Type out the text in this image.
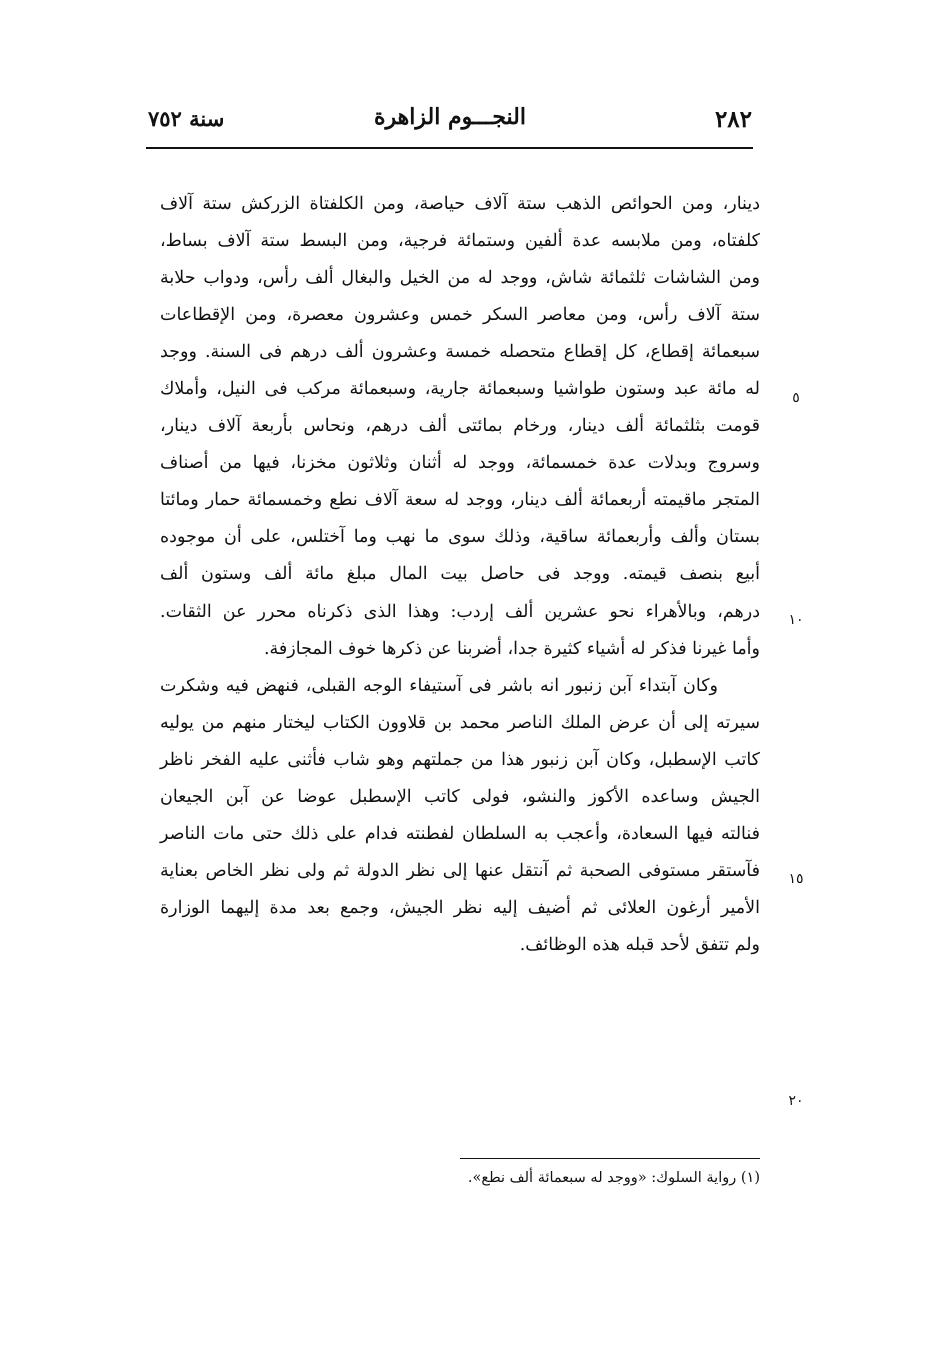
٢٨٢
النجـــوم الزاهرة
سنة ٧٥٢
دينار، ومن الحوائص الذهب ستة آلاف حياصة، ومن الكلفتاة الزركش ستة آلاف
كلفتاه، ومن ملابسه عدة ألفين وستمائة فرجية، ومن البسط ستة آلاف بساط،
ومن الشاشات ثلثمائة شاش، ووجد له من الخيل والبغال ألف رأس، ودواب حلابة
ستة آلاف رأس، ومن معاصر السكر خمس وعشرون معصرة، ومن الإقطاعات
سبعمائة إقطاع، كل إقطاع متحصله خمسة وعشرون ألف درهم فى السنة. ووجد
له مائة عبد وستون طواشيا وسبعمائة جارية، وسبعمائة مركب فى النيل، وأملاك
قومت بثلثمائة ألف دينار، ورخام بمائتى ألف درهم، ونحاس بأربعة آلاف دينار،
وسروج وبدلات عدة خمسمائة، ووجد له أثنان وثلاثون مخزنا، فيها من أصناف
المتجر ماقيمته أربعمائة ألف دينار، ووجد له سعة آلاف نطع وخمسمائة حمار ومائتا
بستان وألف وأربعمائة ساقية، وذلك سوى ما نهب وما آختلس، على أن موجوده
أبيع بنصف قيمته. ووجد فى حاصل بيت المال مبلغ مائة ألف وستون ألف
درهم، وبالأهراء نحو عشرين ألف إردب: وهذا الذى ذكرناه محرر عن الثقات.
وأما غيرنا فذكر له أشياء كثيرة جدا، أضربنا عن ذكرها خوف المجازفة.
وكان آبتداء آبن زنبور انه باشر فى آستيفاء الوجه القبلى، فنهض فيه وشكرت
سيرته إلى أن عرض الملك الناصر محمد بن قلاوون الكتاب ليختار منهم من يوليه
كاتب الإسطبل، وكان آبن زنبور هذا من جملتهم وهو شاب فأثنى عليه الفخر ناظر
الجيش وساعده الأكوز والنشو، فولى كاتب الإسطبل عوضا عن آبن الجيعان
فنالته فيها السعادة، وأعجب به السلطان لفطنته فدام على ذلك حتى مات الناصر
فآستقر مستوفى الصحبة ثم آنتقل عنها إلى نظر الدولة ثم ولى نظر الخاص بعناية
الأمير أرغون العلائى ثم أضيف إليه نظر الجيش، وجمع بعد مدة إليهما الوزارة
ولم تتفق لأحد قبله هذه الوظائف.
٥
١٠
١٥
٢٠
(١) رواية السلوك: «ووجد له سبعمائة ألف نطع».
